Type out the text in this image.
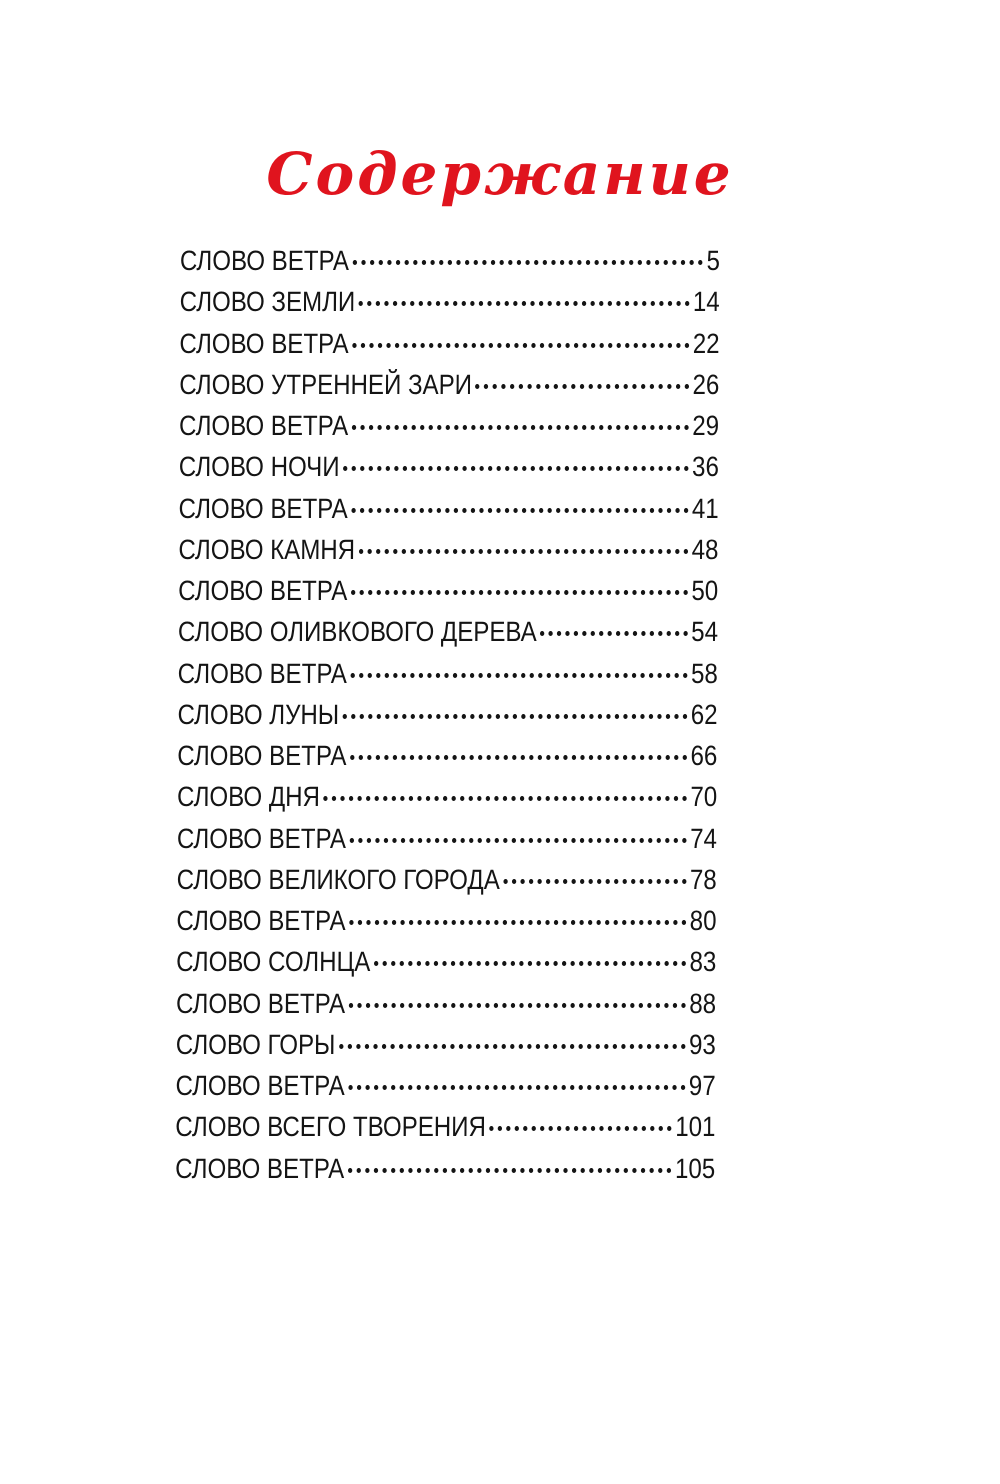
Содержание
СЛОВО ВЕТРА	5
СЛОВО ЗЕМЛИ	14
СЛОВО ВЕТРА	22
СЛОВО УТРЕННЕЙ ЗАРИ	26
СЛОВО ВЕТРА	29
СЛОВО НОЧИ	36
СЛОВО ВЕТРА	41
СЛОВО КАМНЯ	48
СЛОВО ВЕТРА	50
СЛОВО ОЛИВКОВОГО ДЕРЕВА	54
СЛОВО ВЕТРА	58
СЛОВО ЛУНЫ	62
СЛОВО ВЕТРА	66
СЛОВО ДНЯ	70
СЛОВО ВЕТРА	74
СЛОВО ВЕЛИКОГО ГОРОДА	78
СЛОВО ВЕТРА	80
СЛОВО СОЛНЦА	83
СЛОВО ВЕТРА	88
СЛОВО ГОРЫ	93
СЛОВО ВЕТРА	97
СЛОВО ВСЕГО ТВОРЕНИЯ	101
СЛОВО ВЕТРА	105
